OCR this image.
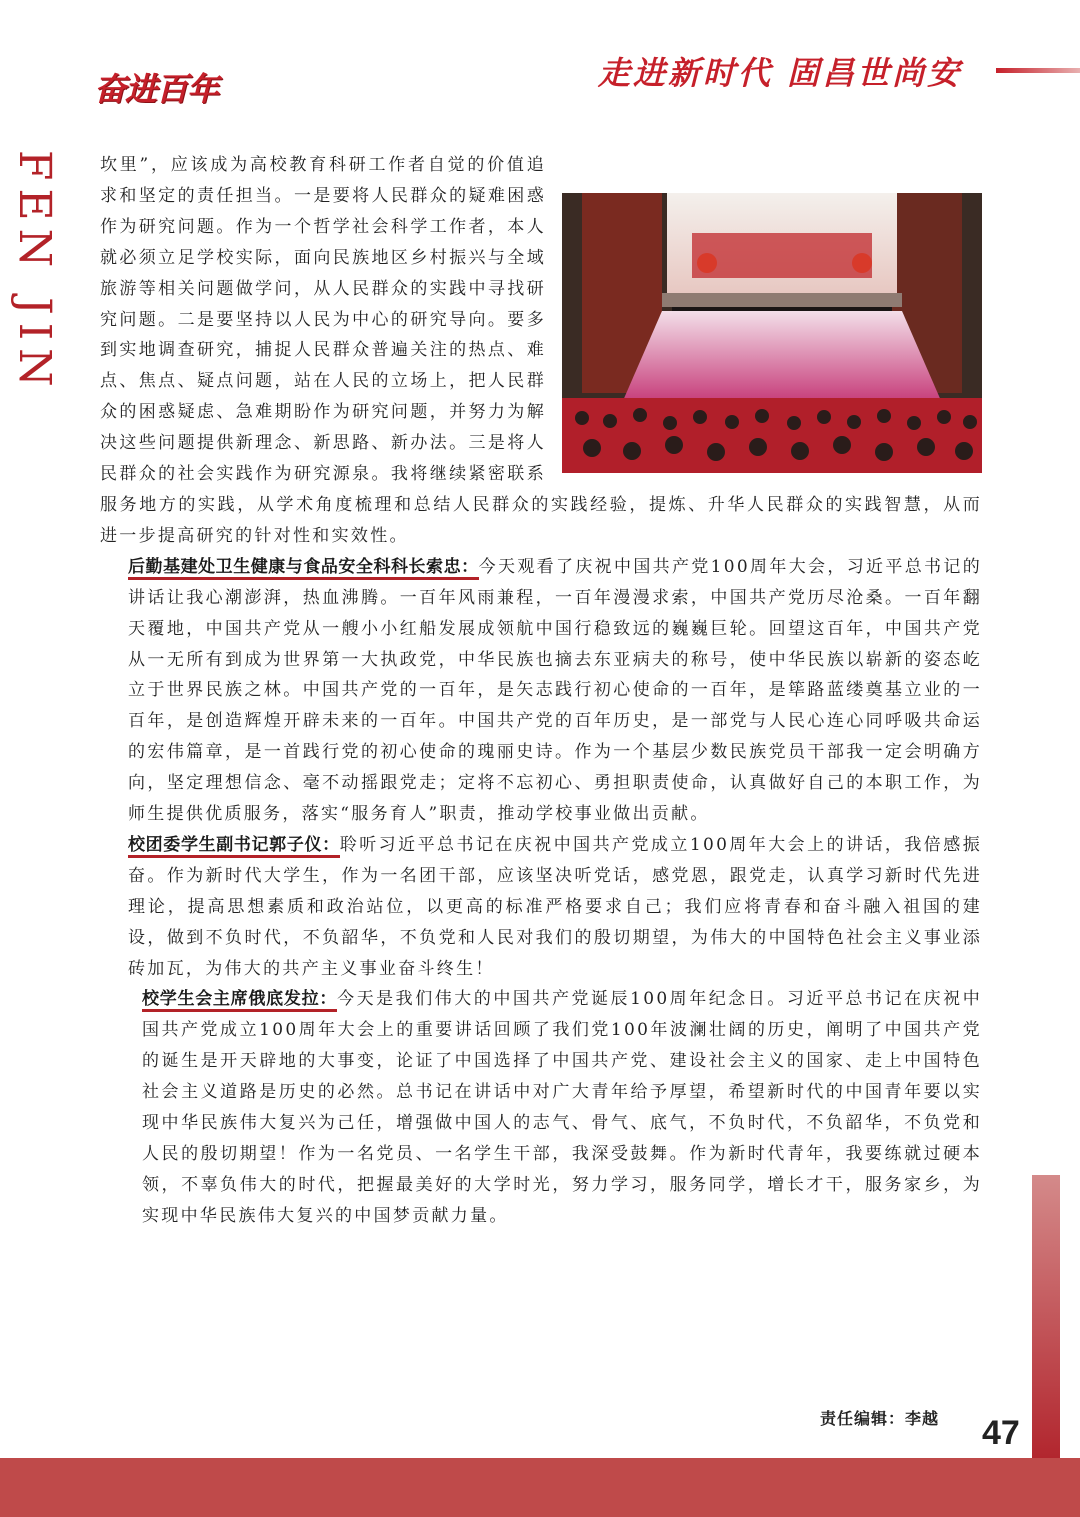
奋进百年	走进新时代 固昌世尚安
FEN JIN 坎里”，应该成为高校教育科研工作者自觉的价值追求和坚定的责任担当。一是要将人民群众的疑难困惑作为研究问题。作为一个哲学社会科学工作者，本人就必须立足学校实际，面向民族地区乡村振兴与全域旅游等相关问题做学问，从人民群众的实践中寻找研究问题。二是要坚持以人民为中心的研究导向。要多到实地调查研究，捕捉人民群众普遍关注的热点、难点、焦点、疑点问题，站在人民的立场上，把人民群众的困惑疑虑、急难期盼作为研究问题，并努力为解决这些问题提供新理念、新思路、新办法。三是将人民群众的社会实践作为研究源泉。我将继续紧密联系服务地方的实践，从学术角度梳理和总结人民群众的实践经验，提炼、升华人民群众的实践智慧，从而进一步提高研究的针对性和实效性。

后勤基建处卫生健康与食品安全科科长索忠：今天观看了庆祝中国共产党100周年大会，习近平总书记的讲话让我心潮澎湃，热血沸腾。一百年风雨兼程，一百年漫漫求索，中国共产党历尽沧桑。一百年翻天覆地，中国共产党从一艘小小红船发展成领航中国行稳致远的巍巍巨轮。回望这百年，中国共产党从一无所有到成为世界第一大执政党，中华民族也摘去东亚病夫的称号，使中华民族以崭新的姿态屹立于世界民族之林。中国共产党的一百年，是矢志践行初心使命的一百年，是筚路蓝缕奠基立业的一百年，是创造辉煌开辟未来的一百年。中国共产党的百年历史，是一部党与人民心连心同呼吸共命运的宏伟篇章，是一首践行党的初心使命的瑰丽史诗。作为一个基层少数民族党员干部我一定会明确方向，坚定理想信念、毫不动摇跟党走；定将不忘初心、勇担职责使命，认真做好自己的本职工作，为师生提供优质服务，落实“服务育人”职责，推动学校事业做出贡献。

校团委学生副书记郭子仪：聆听习近平总书记在庆祝中国共产党成立100周年大会上的讲话，我倍感振奋。作为新时代大学生，作为一名团干部，应该坚决听党话，感党恩，跟党走，认真学习新时代先进理论，提高思想素质和政治站位，以更高的标准严格要求自己；我们应将青春和奋斗融入祖国的建设，做到不负时代，不负韶华，不负党和人民对我们的殷切期望，为伟大的中国特色社会主义事业添砖加瓦，为伟大的共产主义事业奋斗终生！

校学生会主席俄底发拉：今天是我们伟大的中国共产党诞辰100周年纪念日。习近平总书记在庆祝中国共产党成立100周年大会上的重要讲话回顾了我们党100年波澜壮阔的历史，阐明了中国共产党的诞生是开天辟地的大事变，论证了中国选择了中国共产党、建设社会主义的国家、走上中国特色社会主义道路是历史的必然。总书记在讲话中对广大青年给予厚望，希望新时代的中国青年要以实现中华民族伟大复兴为己任，增强做中国人的志气、骨气、底气，不负时代，不负韶华，不负党和人民的殷切期望！作为一名党员、一名学生干部，我深受鼓舞。作为新时代青年，我要练就过硬本领，不辜负伟大的时代，把握最美好的大学时光，努力学习，服务同学，增长才干，服务家乡，为实现中华民族伟大复兴的中国梦贡献力量。

责任编辑：李越 47
